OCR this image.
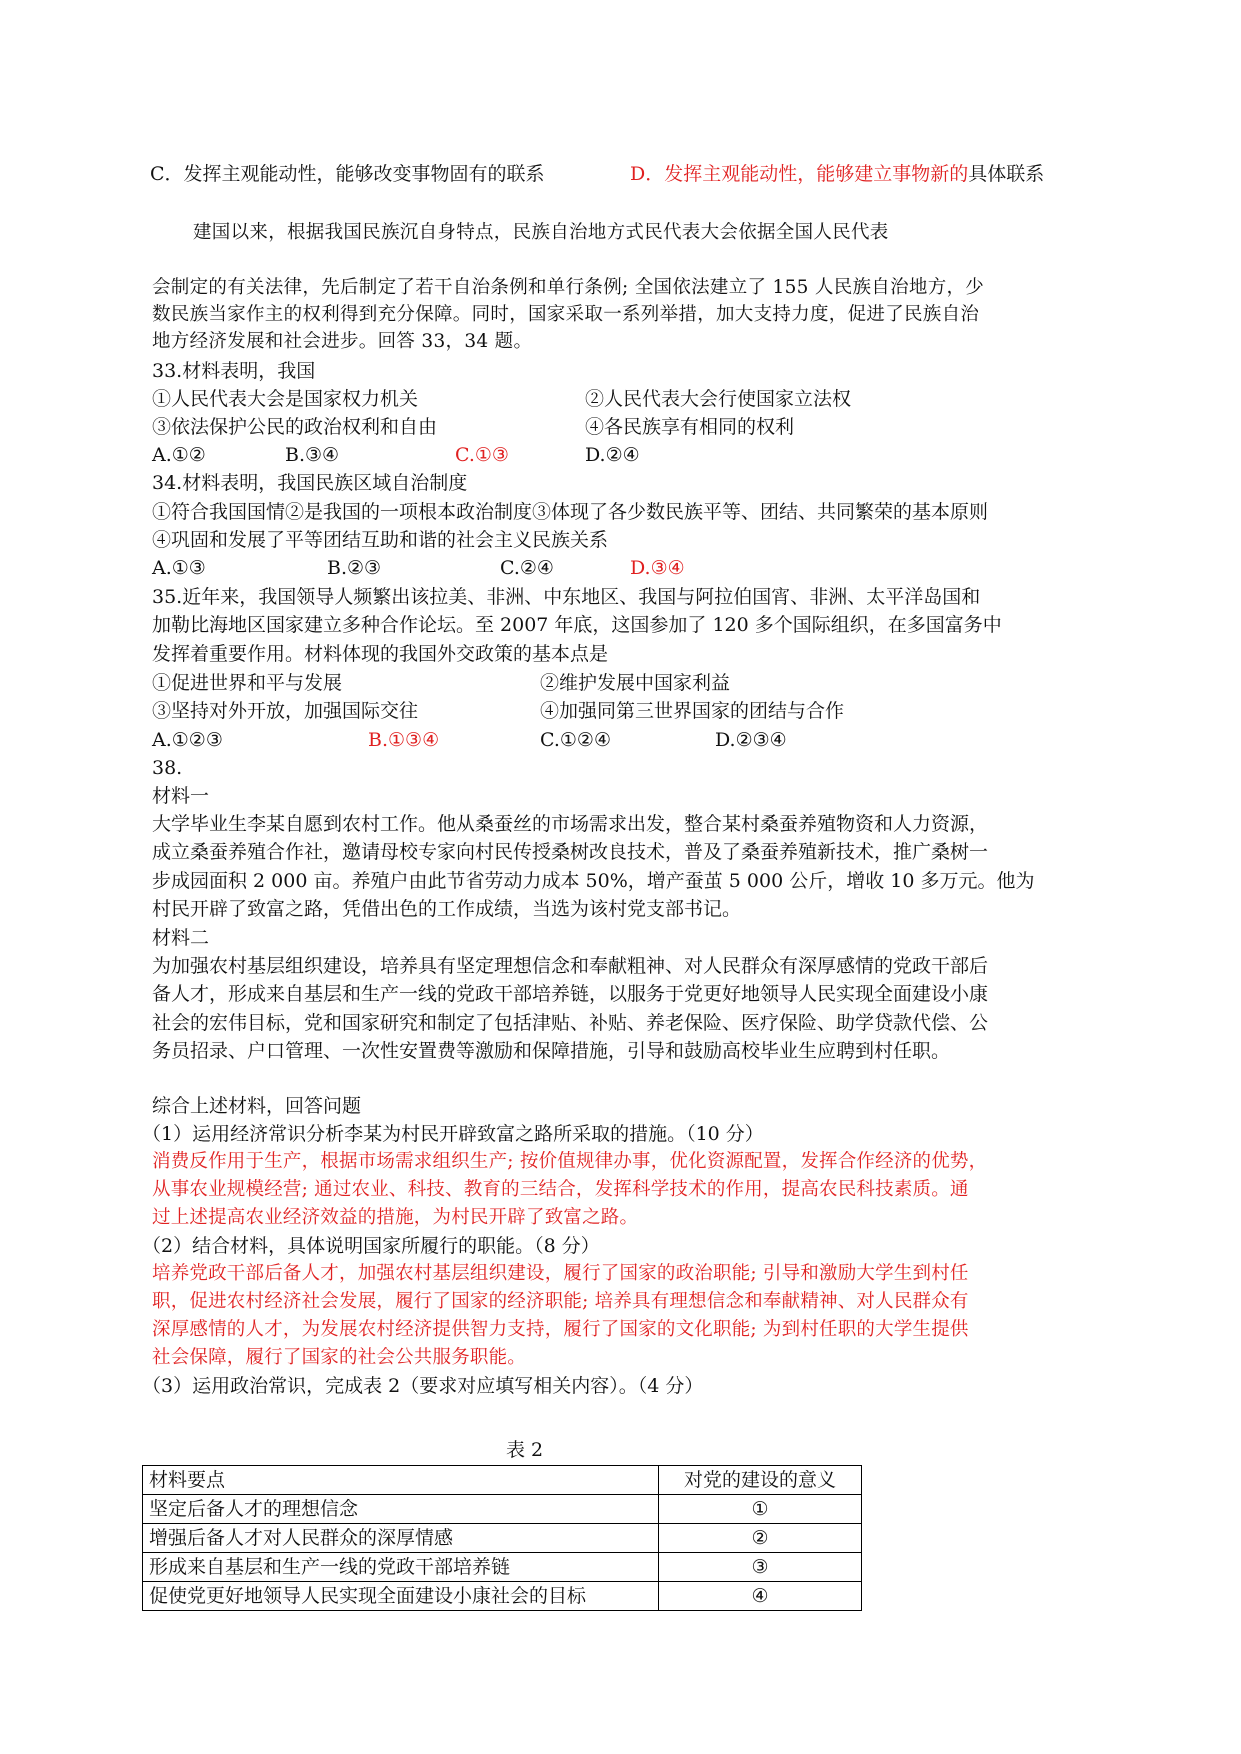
C．发挥主观能动性，能够改变事物固有的联系	D．发挥主观能动性，能够建立事物新的具体联系
建国以来，根据我国民族沉自身特点，民族自治地方式民代表大会依据全国人民代表
会制定的有关法律，先后制定了若干自治条例和单行条例; 全国依法建立了 155 人民族自治地方，少
数民族当家作主的权利得到充分保障。同时，国家采取一系列举措，加大支持力度，促进了民族自治
地方经济发展和社会进步。回答 33，34 题。
33.材料表明，我国
①人民代表大会是国家权力机关	②人民代表大会行使国家立法权
③依法保护公民的政治权利和自由	④各民族享有相同的权利
A.①②	B.③④	C.①③	D.②④
34.材料表明，我国民族区域自治制度
①符合我国国情②是我国的一项根本政治制度③体现了各少数民族平等、团结、共同繁荣的基本原则
④巩固和发展了平等团结互助和谐的社会主义民族关系
A.①③	B.②③	C.②④	D.③④
35.近年来，我国领导人频繁出该拉美、非洲、中东地区、我国与阿拉伯国宵、非洲、太平洋岛国和
加勒比海地区国家建立多种合作论坛。至 2007 年底，这国参加了 120 多个国际组织，在多国富务中
发挥着重要作用。材料体现的我国外交政策的基本点是
①促进世界和平与发展	②维护发展中国家利益
③坚持对外开放，加强国际交往	④加强同第三世界国家的团结与合作
A.①②③	B.①③④	C.①②④	D.②③④
38.
材料一
大学毕业生李某自愿到农村工作。他从桑蚕丝的市场需求出发，整合某村桑蚕养殖物资和人力资源，
成立桑蚕养殖合作社，邀请母校专家向村民传授桑树改良技术，普及了桑蚕养殖新技术，推广桑树一
步成园面积 2 000 亩。养殖户由此节省劳动力成本 50%，增产蚕茧 5 000 公斤，增收 10 多万元。他为
村民开辟了致富之路，凭借出色的工作成绩，当选为该村党支部书记。
材料二
为加强农村基层组织建设，培养具有坚定理想信念和奉献粗神、对人民群众有深厚感情的党政干部后
备人才，形成来自基层和生产一线的党政干部培养链，以服务于党更好地领导人民实现全面建设小康
社会的宏伟目标，党和国家研究和制定了包括津贴、补贴、养老保险、医疗保险、助学贷款代偿、公
务员招录、户口管理、一次性安置费等激励和保障措施，引导和鼓励高校毕业生应聘到村任职。
综合上述材料，回答问题
（1）运用经济常识分析李某为村民开辟致富之路所采取的措施。（10 分）
消费反作用于生产，根据市场需求组织生产; 按价值规律办事，优化资源配置，发挥合作经济的优势，
从事农业规模经营; 通过农业、科技、教育的三结合，发挥科学技术的作用，提高农民科技素质。通
过上述提高农业经济效益的措施，为村民开辟了致富之路。
（2）结合材料，具体说明国家所履行的职能。（8 分）
培养党政干部后备人才，加强农村基层组织建设，履行了国家的政治职能; 引导和激励大学生到村任
职，促进农村经济社会发展，履行了国家的经济职能; 培养具有理想信念和奉献精神、对人民群众有
深厚感情的人才，为发展农村经济提供智力支持，履行了国家的文化职能; 为到村任职的大学生提供
社会保障，履行了国家的社会公共服务职能。
（3）运用政治常识，完成表 2（要求对应填写相关内容）。（4 分）
表 2
材料要点	对党的建设的意义
坚定后备人才的理想信念	①
增强后备人才对人民群众的深厚情感	②
形成来自基层和生产一线的党政干部培养链	③
促使党更好地领导人民实现全面建设小康社会的目标	④
